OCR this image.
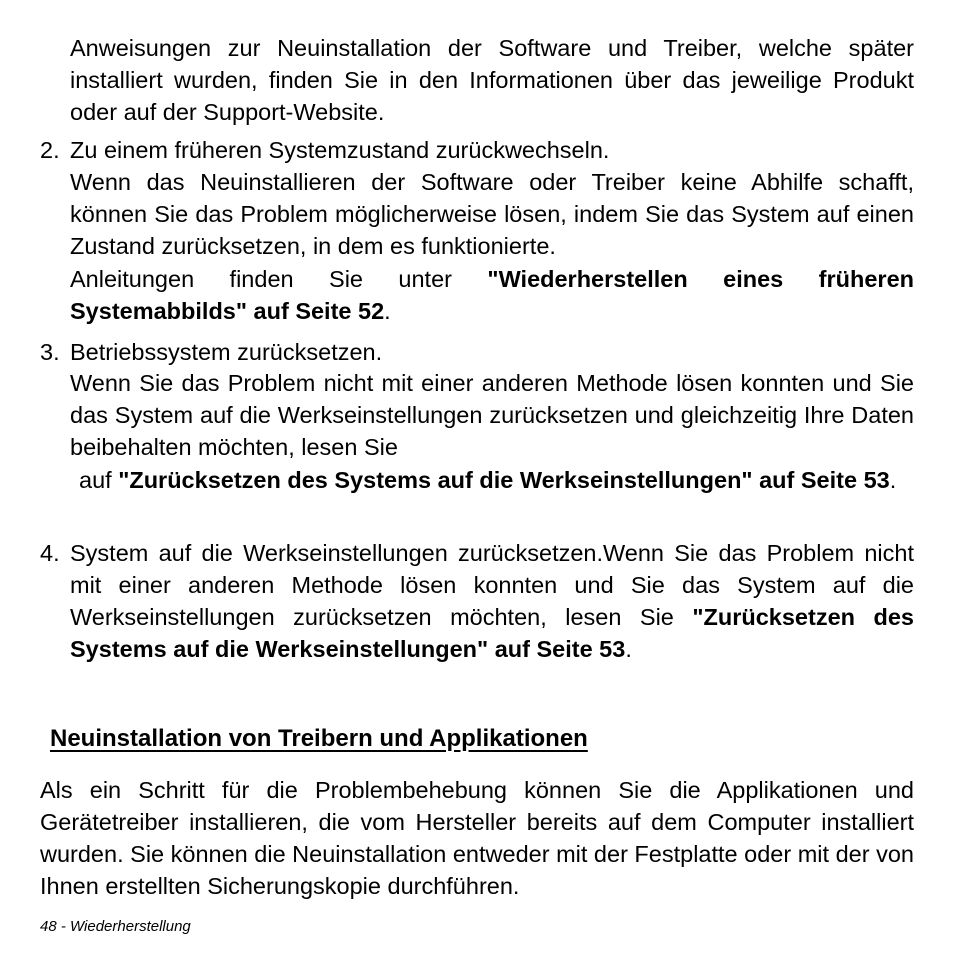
Anweisungen zur Neuinstallation der Software und Treiber, welche später installiert wurden, finden Sie in den Informationen über das jeweilige Produkt oder auf der Support-Website.
2. Zu einem früheren Systemzustand zurückwechseln.
Wenn das Neuinstallieren der Software oder Treiber keine Abhilfe schafft, können Sie das Problem möglicherweise lösen, indem Sie das System auf einen Zustand zurücksetzen, in dem es funktionierte.
Anleitungen finden Sie unter "Wiederherstellen eines früheren Systemabbilds" auf Seite 52.
3. Betriebssystem zurücksetzen.
Wenn Sie das Problem nicht mit einer anderen Methode lösen konnten und Sie das System auf die Werkseinstellungen zurücksetzen und gleichzeitig Ihre Daten beibehalten möchten, lesen Sie
auf "Zurücksetzen des Systems auf die Werkseinstellungen" auf Seite 53.
4. System auf die Werkseinstellungen zurücksetzen.Wenn Sie das Problem nicht mit einer anderen Methode lösen konnten und Sie das System auf die Werkseinstellungen zurücksetzen möchten, lesen Sie "Zurücksetzen des Systems auf die Werkseinstellungen" auf Seite 53.
Neuinstallation von Treibern und Applikationen
Als ein Schritt für die Problembehebung können Sie die Applikationen und Gerätetreiber installieren, die vom Hersteller bereits auf dem Computer installiert wurden. Sie können die Neuinstallation entweder mit der Festplatte oder mit der von Ihnen erstellten Sicherungskopie durchführen.
48 - Wiederherstellung
